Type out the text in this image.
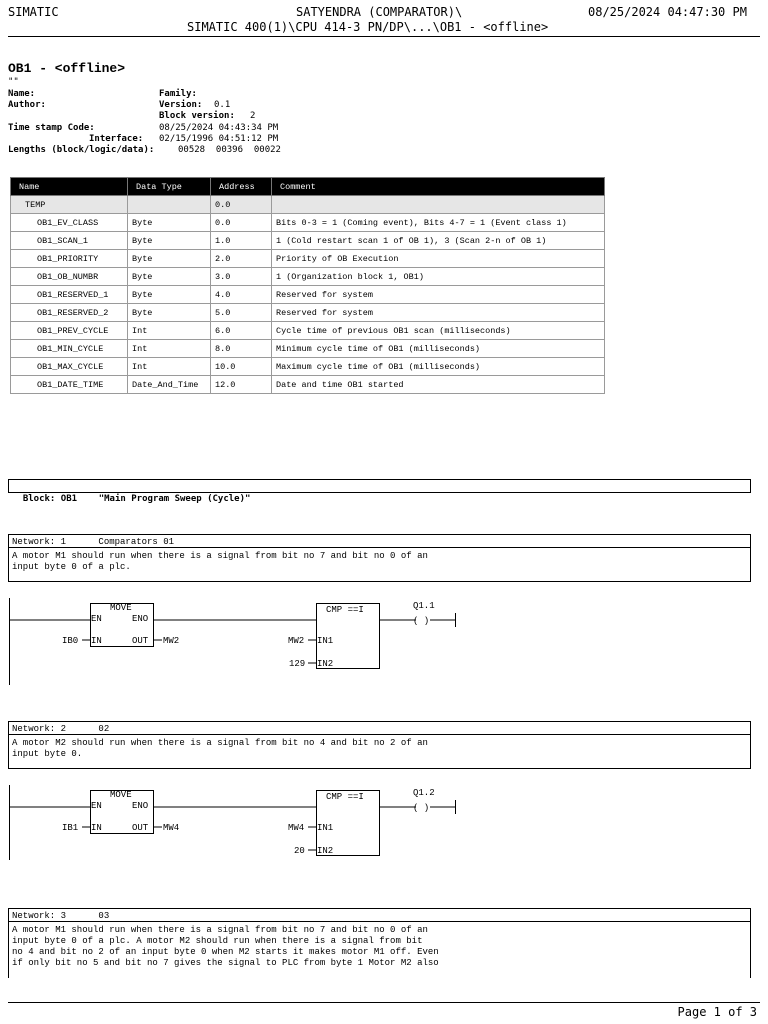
SIMATIC	SATYENDRA (COMPARATOR)\	08/25/2024 04:47:30 PM
SIMATIC 400(1)\CPU 414-3 PN/DP\...\OB1 - <offline>
OB1 - <offline>
""
Name:	Family:
Author:	Version: 0.1
Block version: 2
Time stamp Code:	08/25/2024 04:43:34 PM
Interface: 02/15/1996 04:51:12 PM
Lengths (block/logic/data):	00528  00396  00022
Name	Data Type	Address	Comment
TEMP		0.0	
OB1_EV_CLASS	Byte	0.0	Bits 0-3 = 1 (Coming event), Bits 4-7 = 1 (Event class 1)
OB1_SCAN_1	Byte	1.0	1 (Cold restart scan 1 of OB 1), 3 (Scan 2-n of OB 1)
OB1_PRIORITY	Byte	2.0	Priority of OB Execution
OB1_OB_NUMBR	Byte	3.0	1 (Organization block 1, OB1)
OB1_RESERVED_1	Byte	4.0	Reserved for system
OB1_RESERVED_2	Byte	5.0	Reserved for system
OB1_PREV_CYCLE	Int	6.0	Cycle time of previous OB1 scan (milliseconds)
OB1_MIN_CYCLE	Int	8.0	Minimum cycle time of OB1 (milliseconds)
OB1_MAX_CYCLE	Int	10.0	Maximum cycle time of OB1 (milliseconds)
OB1_DATE_TIME	Date_And_Time	12.0	Date and time OB1 started

Block: OB1 "Main Program Sweep (Cycle)"

Network: 1	Comparators 01
A motor M1 should run when there is a signal from bit no 7 and bit no 0 of an
input byte 0 of a plc.
MOVE
EN	ENO
IN	OUT
IB0	MW2
CMP ==I
IN1
IN2
MW2
129
Q1.1
( )
Network: 2	02
A motor M2 should run when there is a signal from bit no 4 and bit no 2 of an
input byte 0.
MOVE
EN	ENO
IN	OUT
IB1	MW4
CMP ==I
IN1
IN2
MW4
20
Q1.2
( )
Network: 3	03
A motor M1 should run when there is a signal from bit no 7 and bit no 0 of an
input byte 0 of a plc. A motor M2 should run when there is a signal from bit
no 4 and bit no 2 of an input byte 0 when M2 starts it makes motor M1 off. Even
if only bit no 5 and bit no 7 gives the signal to PLC from byte 1 Motor M2 also
Page 1 of 3
